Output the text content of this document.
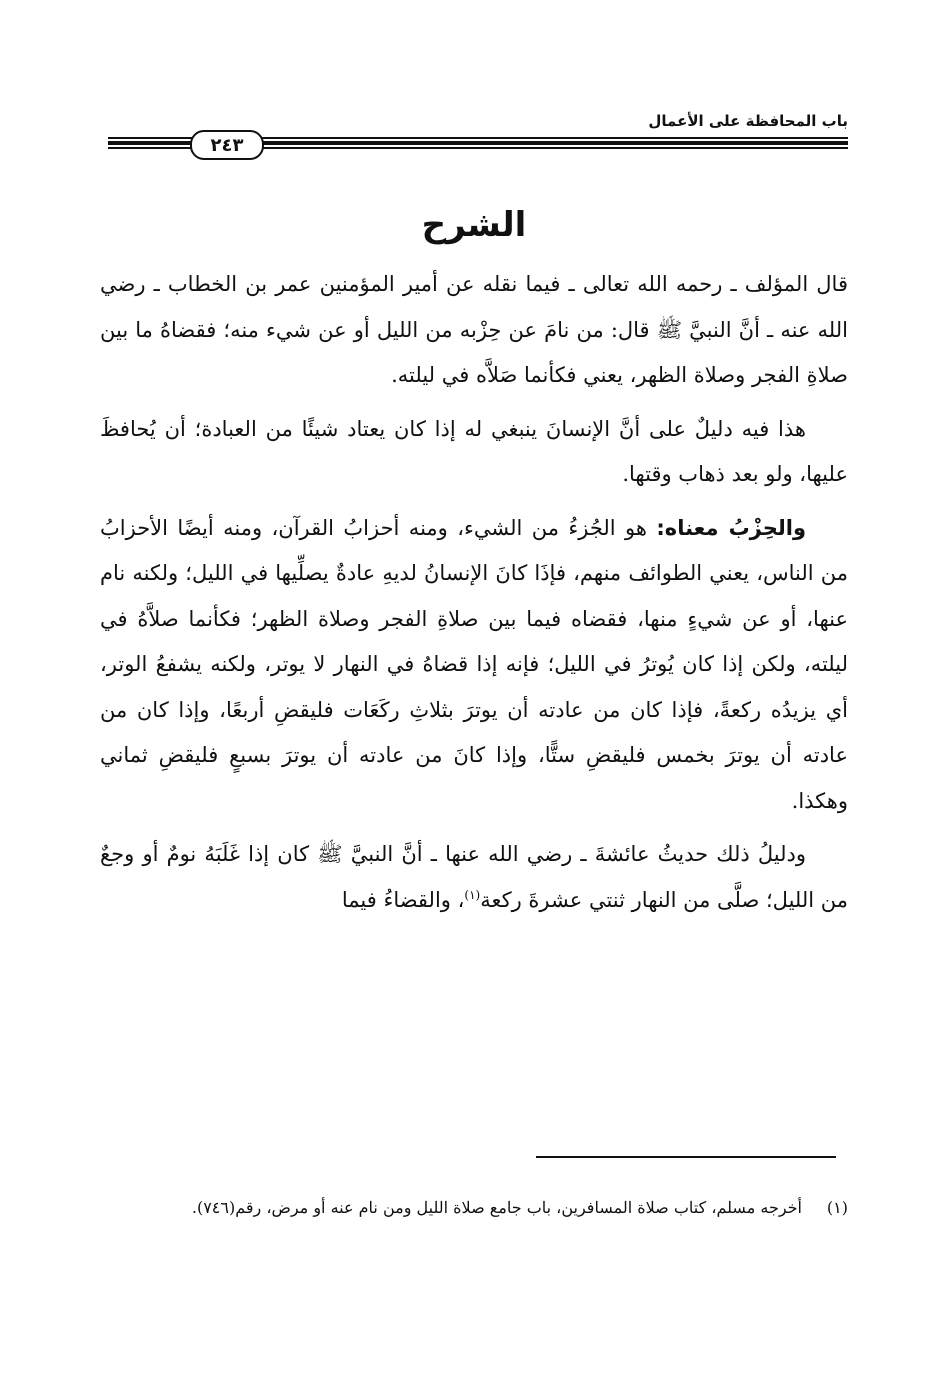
باب المحافظة على الأعمال
٢٤٣
الشرح

قال المؤلف ـ رحمه الله تعالى ـ فيما نقله عن أمير المؤمنين عمر بن الخطاب ـ رضي الله عنه ـ أنَّ النبيَّ ﷺ قال: من نامَ عن حِزْبه من الليل أو عن شيء منه؛ فقضاهُ ما بين صلاةِ الفجر وصلاة الظهر، يعني فكأنما صَلاَّه في ليلته.

هذا فيه دليلٌ على أنَّ الإنسانَ ينبغي له إذا كان يعتاد شيئًا من العبادة؛ أن يُحافظَ عليها، ولو بعد ذهاب وقتها.

والحِزْبُ معناه: هو الجُزءُ من الشيء، ومنه أحزابُ القرآن، ومنه أيضًا الأحزابُ من الناس، يعني الطوائف منهم، فإذَا كانَ الإنسانُ لديهِ عادةٌ يصلِّيها في الليل؛ ولكنه نام عنها، أو عن شيءٍ منها، فقضاه فيما بين صلاةِ الفجر وصلاة الظهر؛ فكأنما صلاَّهُ في ليلته، ولكن إذا كان يُوترُ في الليل؛ فإنه إذا قضاهُ في النهار لا يوتر، ولكنه يشفعُ الوتر، أي يزيدُه ركعةً، فإذا كان من عادته أن يوترَ بثلاثِ ركَعَات فليقضِ أربعًا، وإذا كان من عادته أن يوترَ بخمس فليقضِ ستًّا، وإذا كانَ من عادته أن يوترَ بسبعٍ فليقضِ ثماني وهكذا.

ودليلُ ذلك حديثُ عائشةَ ـ رضي الله عنها ـ أنَّ النبيَّ ﷺ كان إذا غَلَبَهُ نومٌ أو وجعٌ من الليل؛ صلَّى من النهار ثنتي عشرةَ ركعة$^{(١)}$، والقضاءُ فيما

(١)
أخرجه مسلم، كتاب صلاة المسافرين، باب جامع صلاة الليل ومن نام عنه أو مرض، رقم(٧٤٦).
